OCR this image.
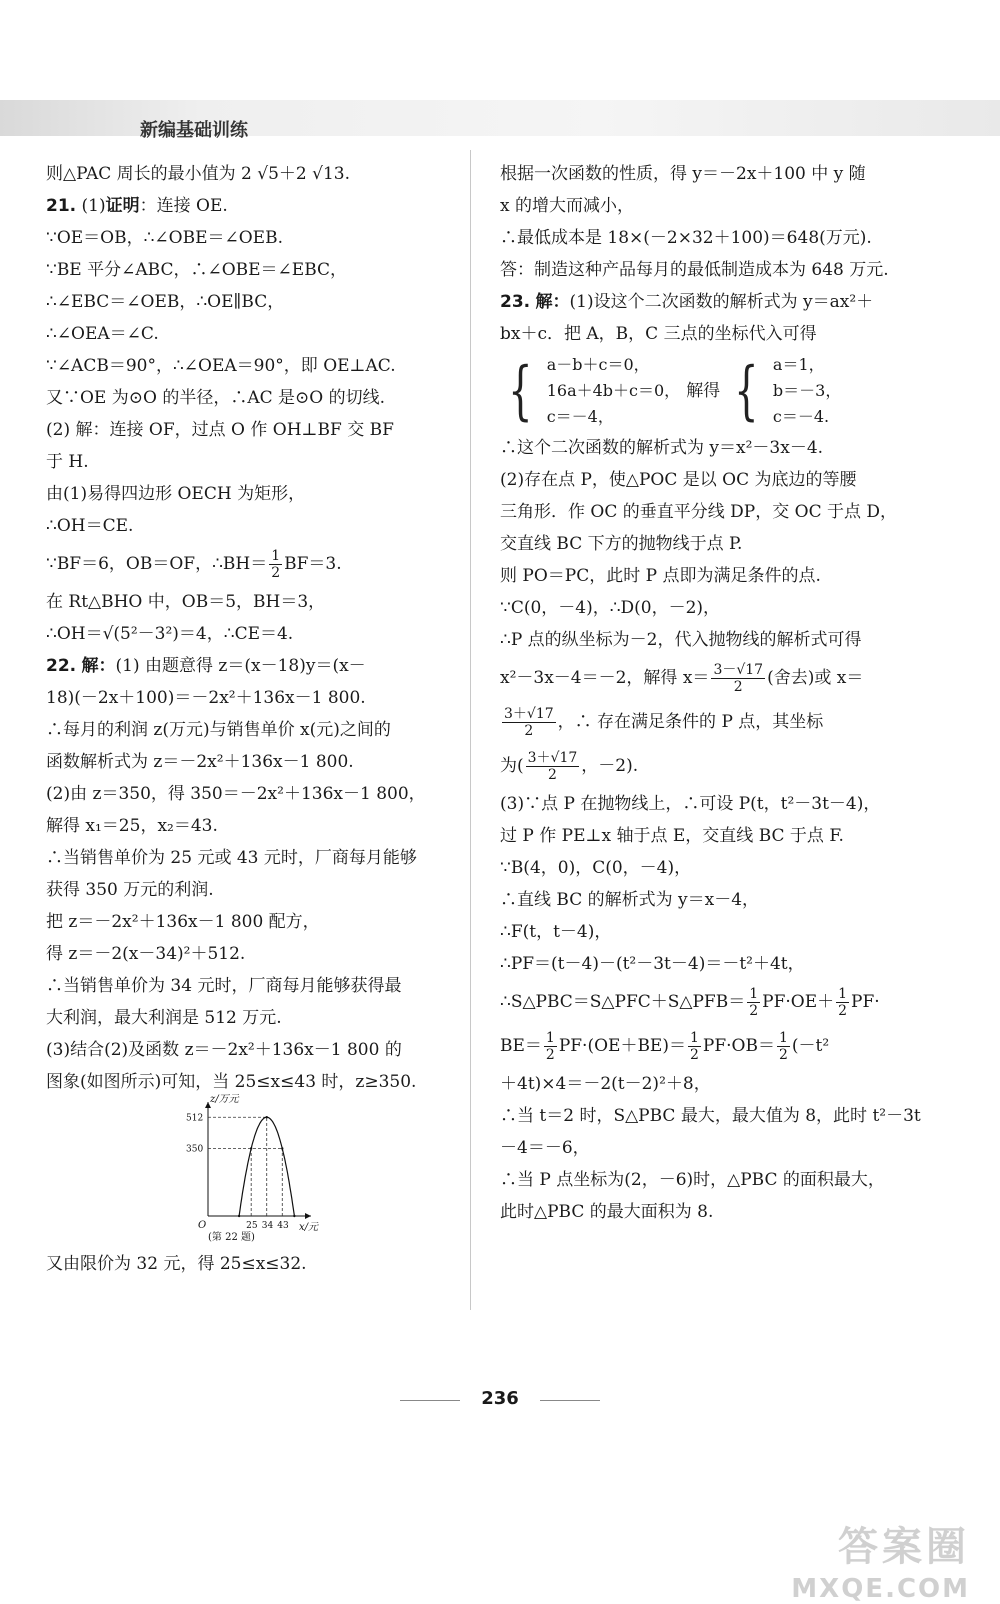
新编基础训练
则△PAC 周长的最小值为 2 √5＋2 √13.
21. (1)证明：连接 OE.
∵OE＝OB，∴∠OBE＝∠OEB.
∵BE 平分∠ABC，∴∠OBE＝∠EBC，
∴∠EBC＝∠OEB，∴OE∥BC，
∴∠OEA＝∠C.
∵∠ACB＝90°，∴∠OEA＝90°，即 OE⊥AC.
又∵OE 为⊙O 的半径，∴AC 是⊙O 的切线.
(2) 解：连接 OF，过点 O 作 OH⊥BF 交 BF
于 H.
由(1)易得四边形 OECH 为矩形，
∴OH＝CE.
∵BF＝6，OB＝OF，∴BH＝ $\frac{1}{2} BF=3$.
在 Rt△BHO 中，OB＝5，BH＝3，
∴OH＝√(5²－3²)＝4，∴CE＝4.
22. 解：(1) 由题意得 z＝(x－18)y＝(x－
18)(－2x＋100)＝－2x²＋136x－1 800.
∴每月的利润 z(万元)与销售单价 x(元)之间的
函数解析式为 z＝－2x²＋136x－1 800.
(2)由 z＝350，得 350＝－2x²＋136x－1 800，
解得 x₁＝25，x₂＝43.
∴当销售单价为 25 元或 43 元时，厂商每月能够
获得 350 万元的利润.
把 z＝－2x²＋136x－1 800 配方，
得 z＝－2(x－34)²＋512.
∴当销售单价为 34 元时，厂商每月能够获得最
大利润，最大利润是 512 万元.
(3)结合(2)及函数 z＝－2x²＋136x－1 800 的
图象(如图所示)可知，当 25≤x≤43 时，z≥350.
z/万元
x/元
O	25 34 43
512
350
(第 22 题)
又由限价为 32 元，得 25≤x≤32.
根据一次函数的性质，得 y＝－2x＋100 中 y 随
x 的增大而减小，
∴最低成本是 18×(－2×32＋100)＝648(万元).
答：制造这种产品每月的最低制造成本为 648 万元.
23. 解：(1)设这个二次函数的解析式为 y＝ax²＋
bx＋c．把 A，B，C 三点的坐标代入可得
{ a－b＋c＝0，
16a＋4b＋c＝0，
c＝－4，
解得 { a＝1，
b＝－3，
c＝－4.
∴这个二次函数的解析式为 y＝x²－3x－4.
(2)存在点 P，使△POC 是以 OC 为底边的等腰
三角形．作 OC 的垂直平分线 DP，交 OC 于点 D，
交直线 BC 下方的抛物线于点 P.
则 PO＝PC，此时 P 点即为满足条件的点.
∵C(0，－4)，∴D(0，－2)，
∴P 点的纵坐标为－2，代入抛物线的解析式可得
x²－3x－4＝－2，解得 $x= \frac{3-√17}{2}$ (舍去)或 x＝
$\frac{3+√17}{2}$ ，∴ 存在满足条件的 P 点，其坐标
为( $\frac{3+√17}{2}$ ，－2).
(3)∵点 P 在抛物线上，∴可设 P(t，t²－3t－4)，
过 P 作 PE⊥x 轴于点 E，交直线 BC 于点 F.
∵B(4，0)，C(0，－4)，
∴直线 BC 的解析式为 y＝x－4，
∴F(t，t－4)，
∴PF＝(t－4)－(t²－3t－4)＝－t²＋4t，
∴S△PBC＝S△PFC＋S△PFB＝ $\frac{1}{2} PF\cdot OE+ \frac{1}{2} PF\cdot$
$BE= \frac{1}{2} PF\cdot(OE+BE)= \frac{1}{2} PF\cdot OB= \frac{1}{2} (-t^2$
＋4t)×4＝－2(t－2)²＋8，
∴当 t＝2 时，S△PBC 最大，最大值为 8，此时 t²－3t
－4＝－6，
∴当 P 点坐标为(2，－6)时，△PBC 的面积最大，
此时△PBC 的最大面积为 8.
236
答案圈
MXQE.COM
